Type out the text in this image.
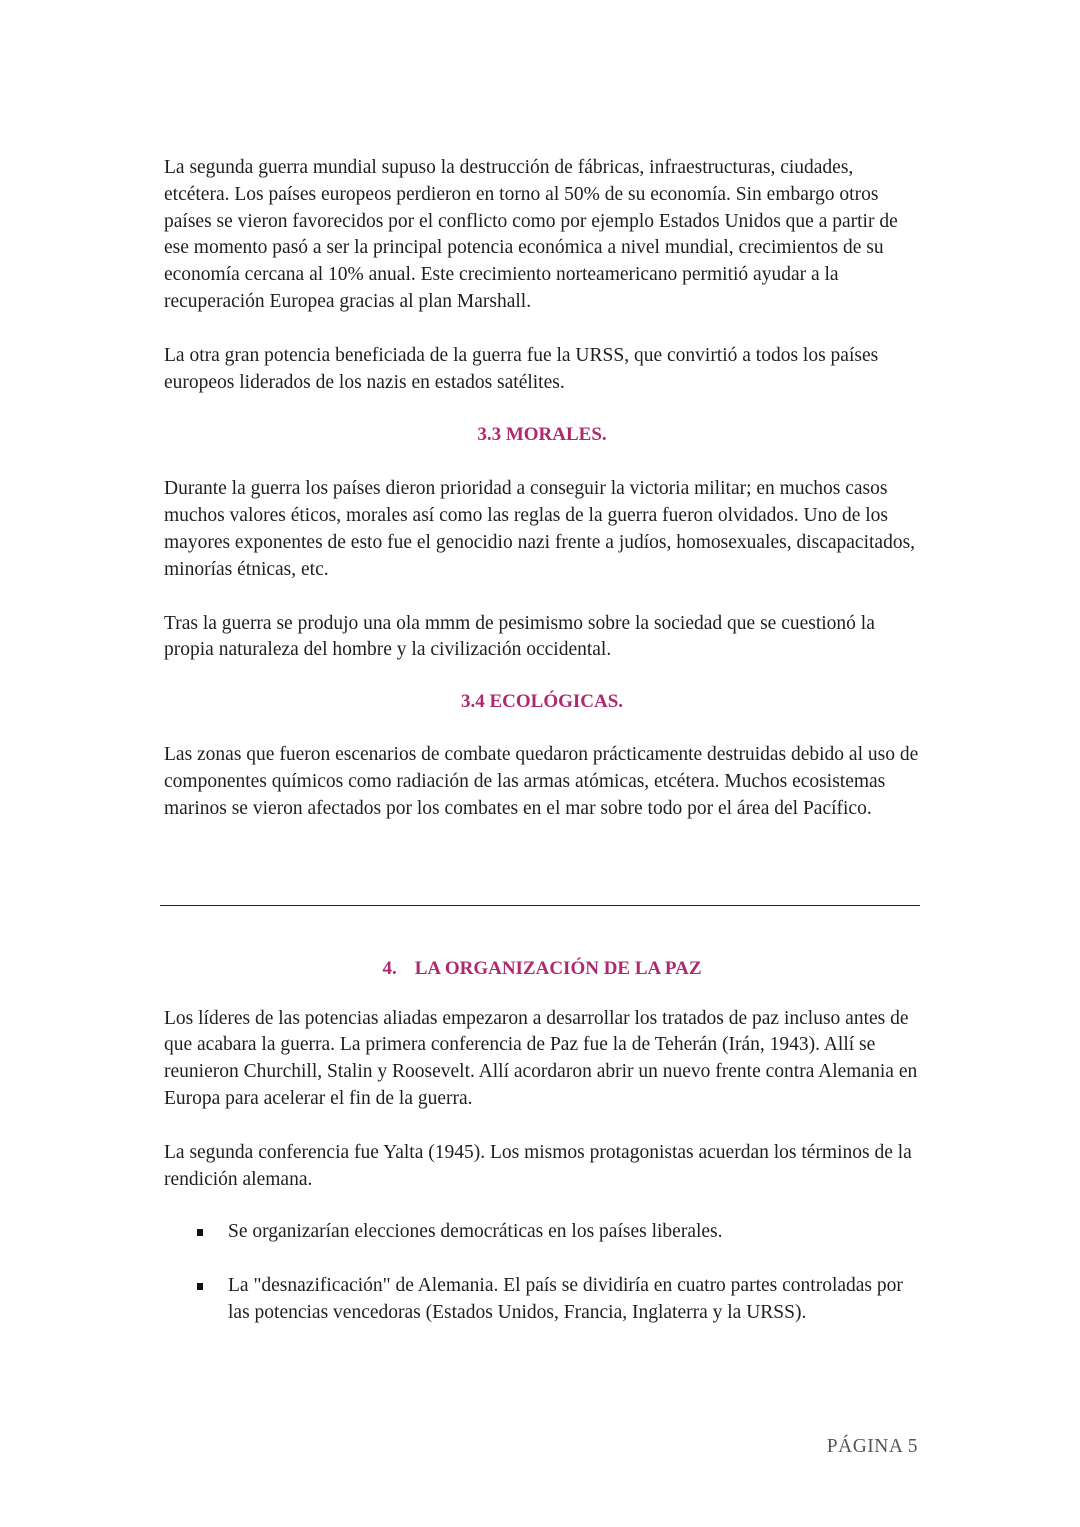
La segunda guerra mundial supuso la destrucción de fábricas, infraestructuras, ciudades, etcétera. Los países europeos perdieron en torno al 50% de su economía. Sin embargo otros países se vieron favorecidos por el conflicto como por ejemplo Estados Unidos que a partir de ese momento pasó a ser la principal potencia económica a nivel mundial, crecimientos de su economía cercana al 10% anual. Este crecimiento norteamericano permitió ayudar a la recuperación Europea gracias al plan Marshall.

La otra gran potencia beneficiada de la guerra fue la URSS, que convirtió a todos los países europeos liderados de los nazis en estados satélites.

3.3 MORALES.

Durante la guerra los países dieron prioridad a conseguir la victoria militar; en muchos casos muchos valores éticos, morales así como las reglas de la guerra fueron olvidados. Uno de los mayores exponentes de esto fue el genocidio nazi frente a judíos, homosexuales, discapacitados, minorías étnicas, etc.

Tras la guerra se produjo una ola mmm de pesimismo sobre la sociedad que se cuestionó la propia naturaleza del hombre y la civilización occidental.

3.4 ECOLÓGICAS.

Las zonas que fueron escenarios de combate quedaron prácticamente destruidas debido al uso de componentes químicos como radiación de las armas atómicas, etcétera. Muchos ecosistemas marinos se vieron afectados por los combates en el mar sobre todo por el área del Pacífico.

4. LA ORGANIZACIÓN DE LA PAZ

Los líderes de las potencias aliadas empezaron a desarrollar los tratados de paz incluso antes de que acabara la guerra. La primera conferencia de Paz fue la de Teherán (Irán, 1943). Allí se reunieron Churchill, Stalin y Roosevelt. Allí acordaron abrir un nuevo frente contra Alemania en Europa para acelerar el fin de la guerra.

La segunda conferencia fue Yalta (1945). Los mismos protagonistas acuerdan los términos de la rendición alemana.

Se organizarían elecciones democráticas en los países liberales.
La "desnazificación" de Alemania. El país se dividiría en cuatro partes controladas por las potencias vencedoras (Estados Unidos, Francia, Inglaterra y la URSS).
PÁGINA 5
